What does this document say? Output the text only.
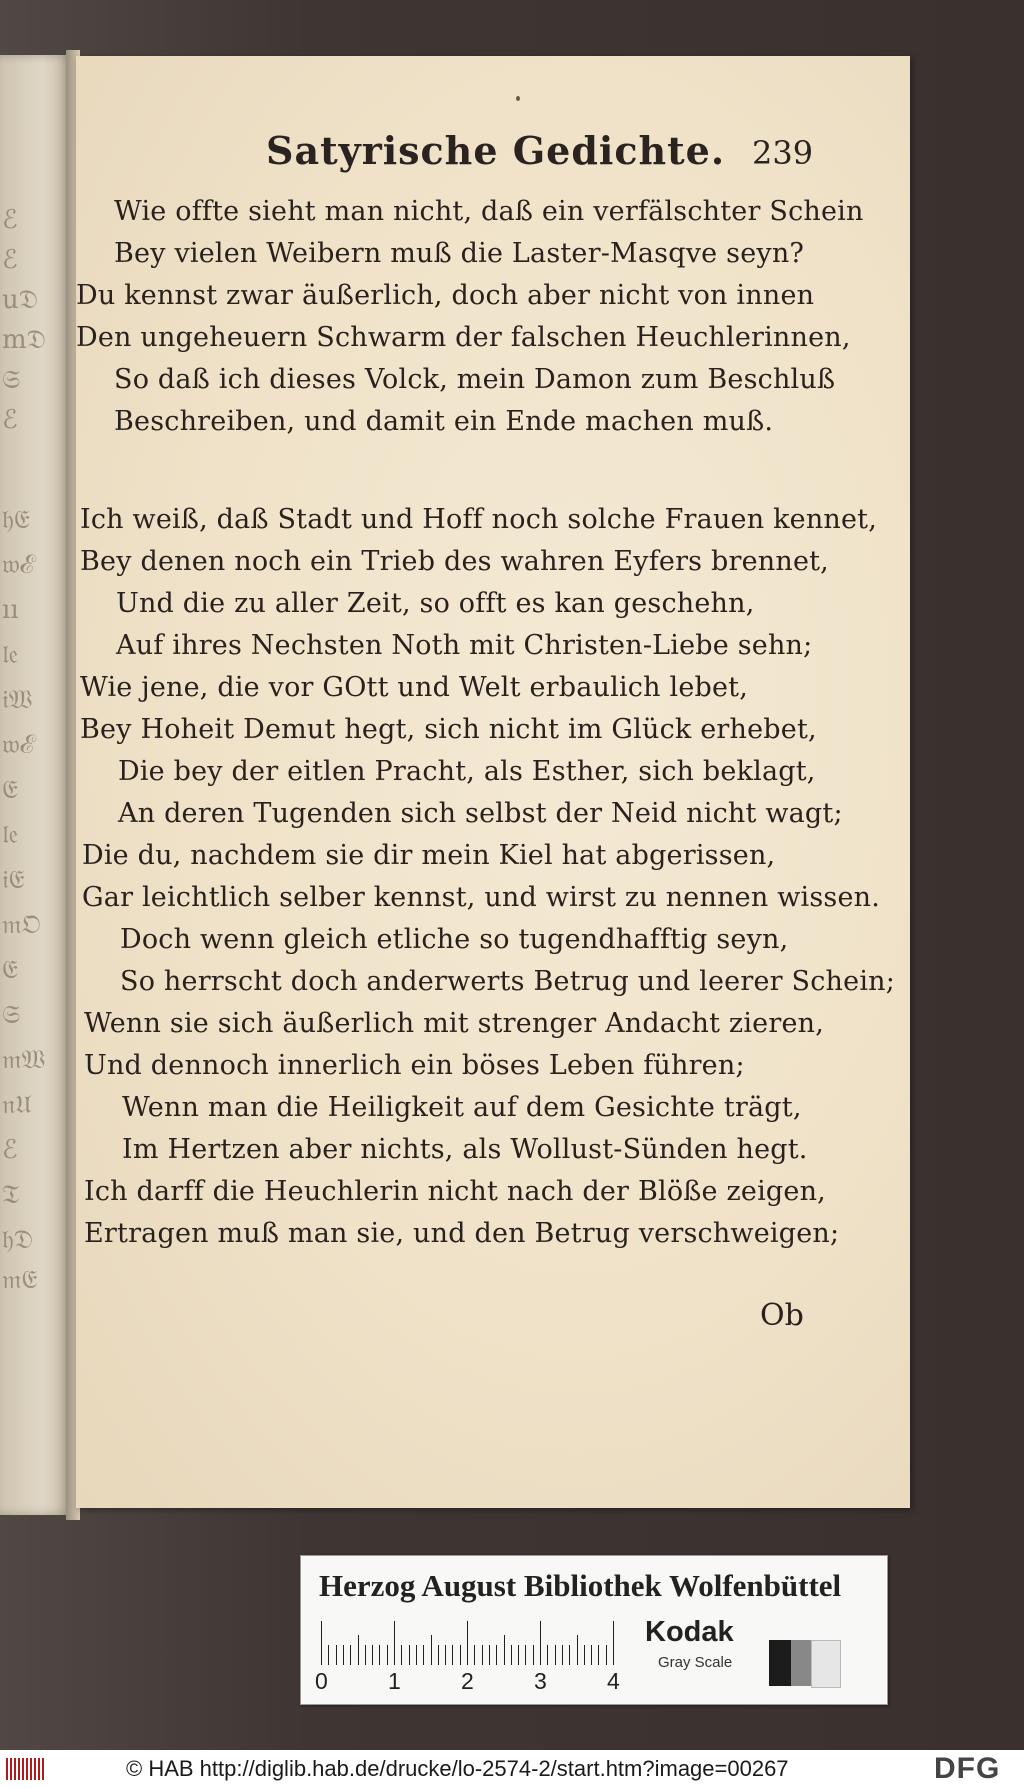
ℰ
ℰ
u𝔇
m𝔇
𝔖
ℰ
𝔥𝔈
𝔴ℰ
ıı
𝔩𝔢
𝔦𝔚
𝔴ℰ
𝔈
𝔩𝔢
𝔦𝔈
𝔪𝔒
𝔈
𝔖
𝔪𝔚
𝔫𝔘
ℰ
𝔗
𝔥𝔇
𝔪𝔈
Satyrische Gedichte. 239
Wie offte sieht man nicht, daß ein verfälschter Schein
Bey vielen Weibern muß die Laster-Masqve seyn?
Du kennst zwar äußerlich, doch aber nicht von innen
Den ungeheuern Schwarm der falschen Heuchlerinnen,
So daß ich dieses Volck, mein Damon zum Beschluß
Beschreiben, und damit ein Ende machen muß.
Ich weiß, daß Stadt und Hoff noch solche Frauen kennet,
Bey denen noch ein Trieb des wahren Eyfers brennet,
Und die zu aller Zeit, so offt es kan geschehn,
Auf ihres Nechsten Noth mit Christen-Liebe sehn;
Wie jene, die vor GOtt und Welt erbaulich lebet,
Bey Hoheit Demut hegt, sich nicht im Glück erhebet,
Die bey der eitlen Pracht, als Esther, sich beklagt,
An deren Tugenden sich selbst der Neid nicht wagt;
Die du, nachdem sie dir mein Kiel hat abgerissen,
Gar leichtlich selber kennst, und wirst zu nennen wissen.
Doch wenn gleich etliche so tugendhafftig seyn,
So herrscht doch anderwerts Betrug und leerer Schein;
Wenn sie sich äußerlich mit strenger Andacht zieren,
Und dennoch innerlich ein böses Leben führen;
Wenn man die Heiligkeit auf dem Gesichte trägt,
Im Hertzen aber nichts, als Wollust-Sünden hegt.
Ich darff die Heuchlerin nicht nach der Blöße zeigen,
Ertragen muß man sie, und den Betrug verschweigen;
Ob
Herzog August Bibliothek Wolfenbüttel
0	1	2	3	4
Kodak
Gray Scale
© HAB http://diglib.hab.de/drucke/lo-2574-2/start.htm?image=00267	DFG
